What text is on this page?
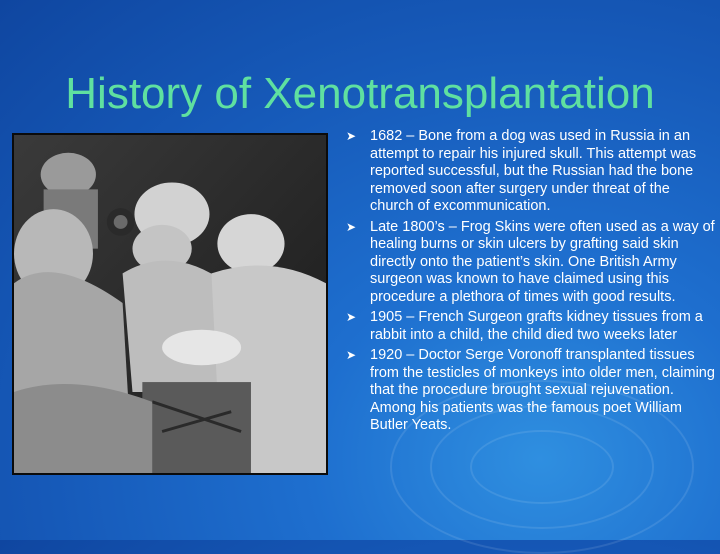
History of Xenotransplantation
➤ 1682 – Bone from a dog was used in Russia in an attempt to repair his injured skull. This attempt was reported successful, but the Russian had the bone removed soon after surgery under threat of the church of excommunication.
➤ Late 1800’s – Frog Skins were often used as a way of healing burns or skin ulcers by grafting said skin directly onto the patient’s skin. One British Army surgeon was known to have claimed using this procedure a plethora of times with good results.
➤ 1905 – French Surgeon grafts kidney tissues from a rabbit into a child, the child died two weeks later
➤ 1920 – Doctor Serge Voronoff transplanted tissues from the testicles of monkeys into older men, claiming that the procedure brought sexual rejuvenation. Among his patients was the famous poet William Butler Yeats.
